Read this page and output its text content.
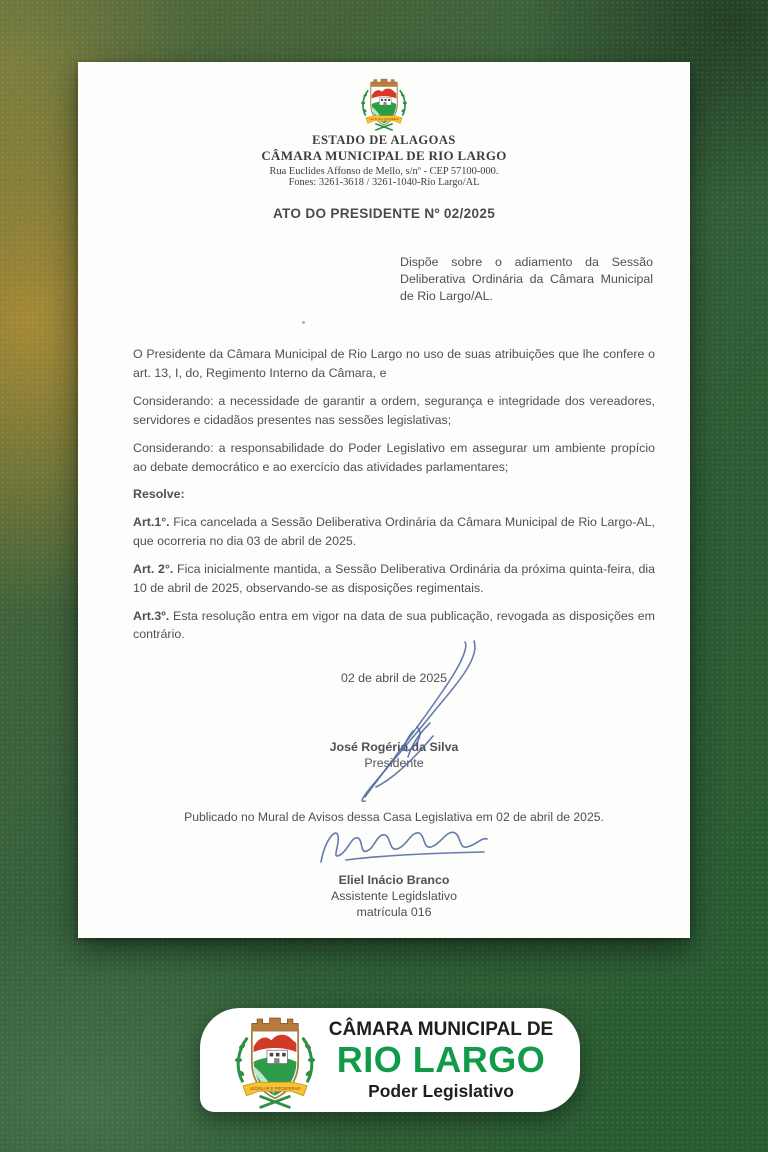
ESTADO DE ALAGOAS
CÂMARA MUNICIPAL DE RIO LARGO
Rua Euclides Affonso de Mello, s/nº - CEP 57100-000.
Fones: 3261-3618 / 3261-1040-Rio Largo/AL
ATO DO PRESIDENTE Nº 02/2025
Dispõe sobre o adiamento da Sessão Deliberativa Ordinária da Câmara Municipal de Rio Largo/AL.

O Presidente da Câmara Municipal de Rio Largo no uso de suas atribuições que lhe confere o art. 13, I, do, Regimento Interno da Câmara, e

Considerando: a necessidade de garantir a ordem, segurança e integridade dos vereadores, servidores e cidadãos presentes nas sessões legislativas;

Considerando: a responsabilidade do Poder Legislativo em assegurar um ambiente propício ao debate democrático e ao exercício das atividades parlamentares;

Resolve:

Art.1°. Fica cancelada a Sessão Deliberativa Ordinária da Câmara Municipal de Rio Largo-AL, que ocorreria no dia 03 de abril de 2025.

Art. 2°. Fica inicialmente mantida, a Sessão Deliberativa Ordinária da próxima quinta-feira, dia 10 de abril de 2025, observando-se as disposições regimentais.

Art.3º. Esta resolução entra em vigor na data de sua publicação, revogada as disposições em contrário.

02 de abril de 2025

José Rogério da Silva
Presidente

Publicado no Mural de Avisos dessa Casa Legislativa em 02 de abril de 2025.

Eliel Inácio Branco
Assistente Legidslativo
matrícula 016

CÂMARA MUNICIPAL DE
RIO LARGO
Poder Legislativo
